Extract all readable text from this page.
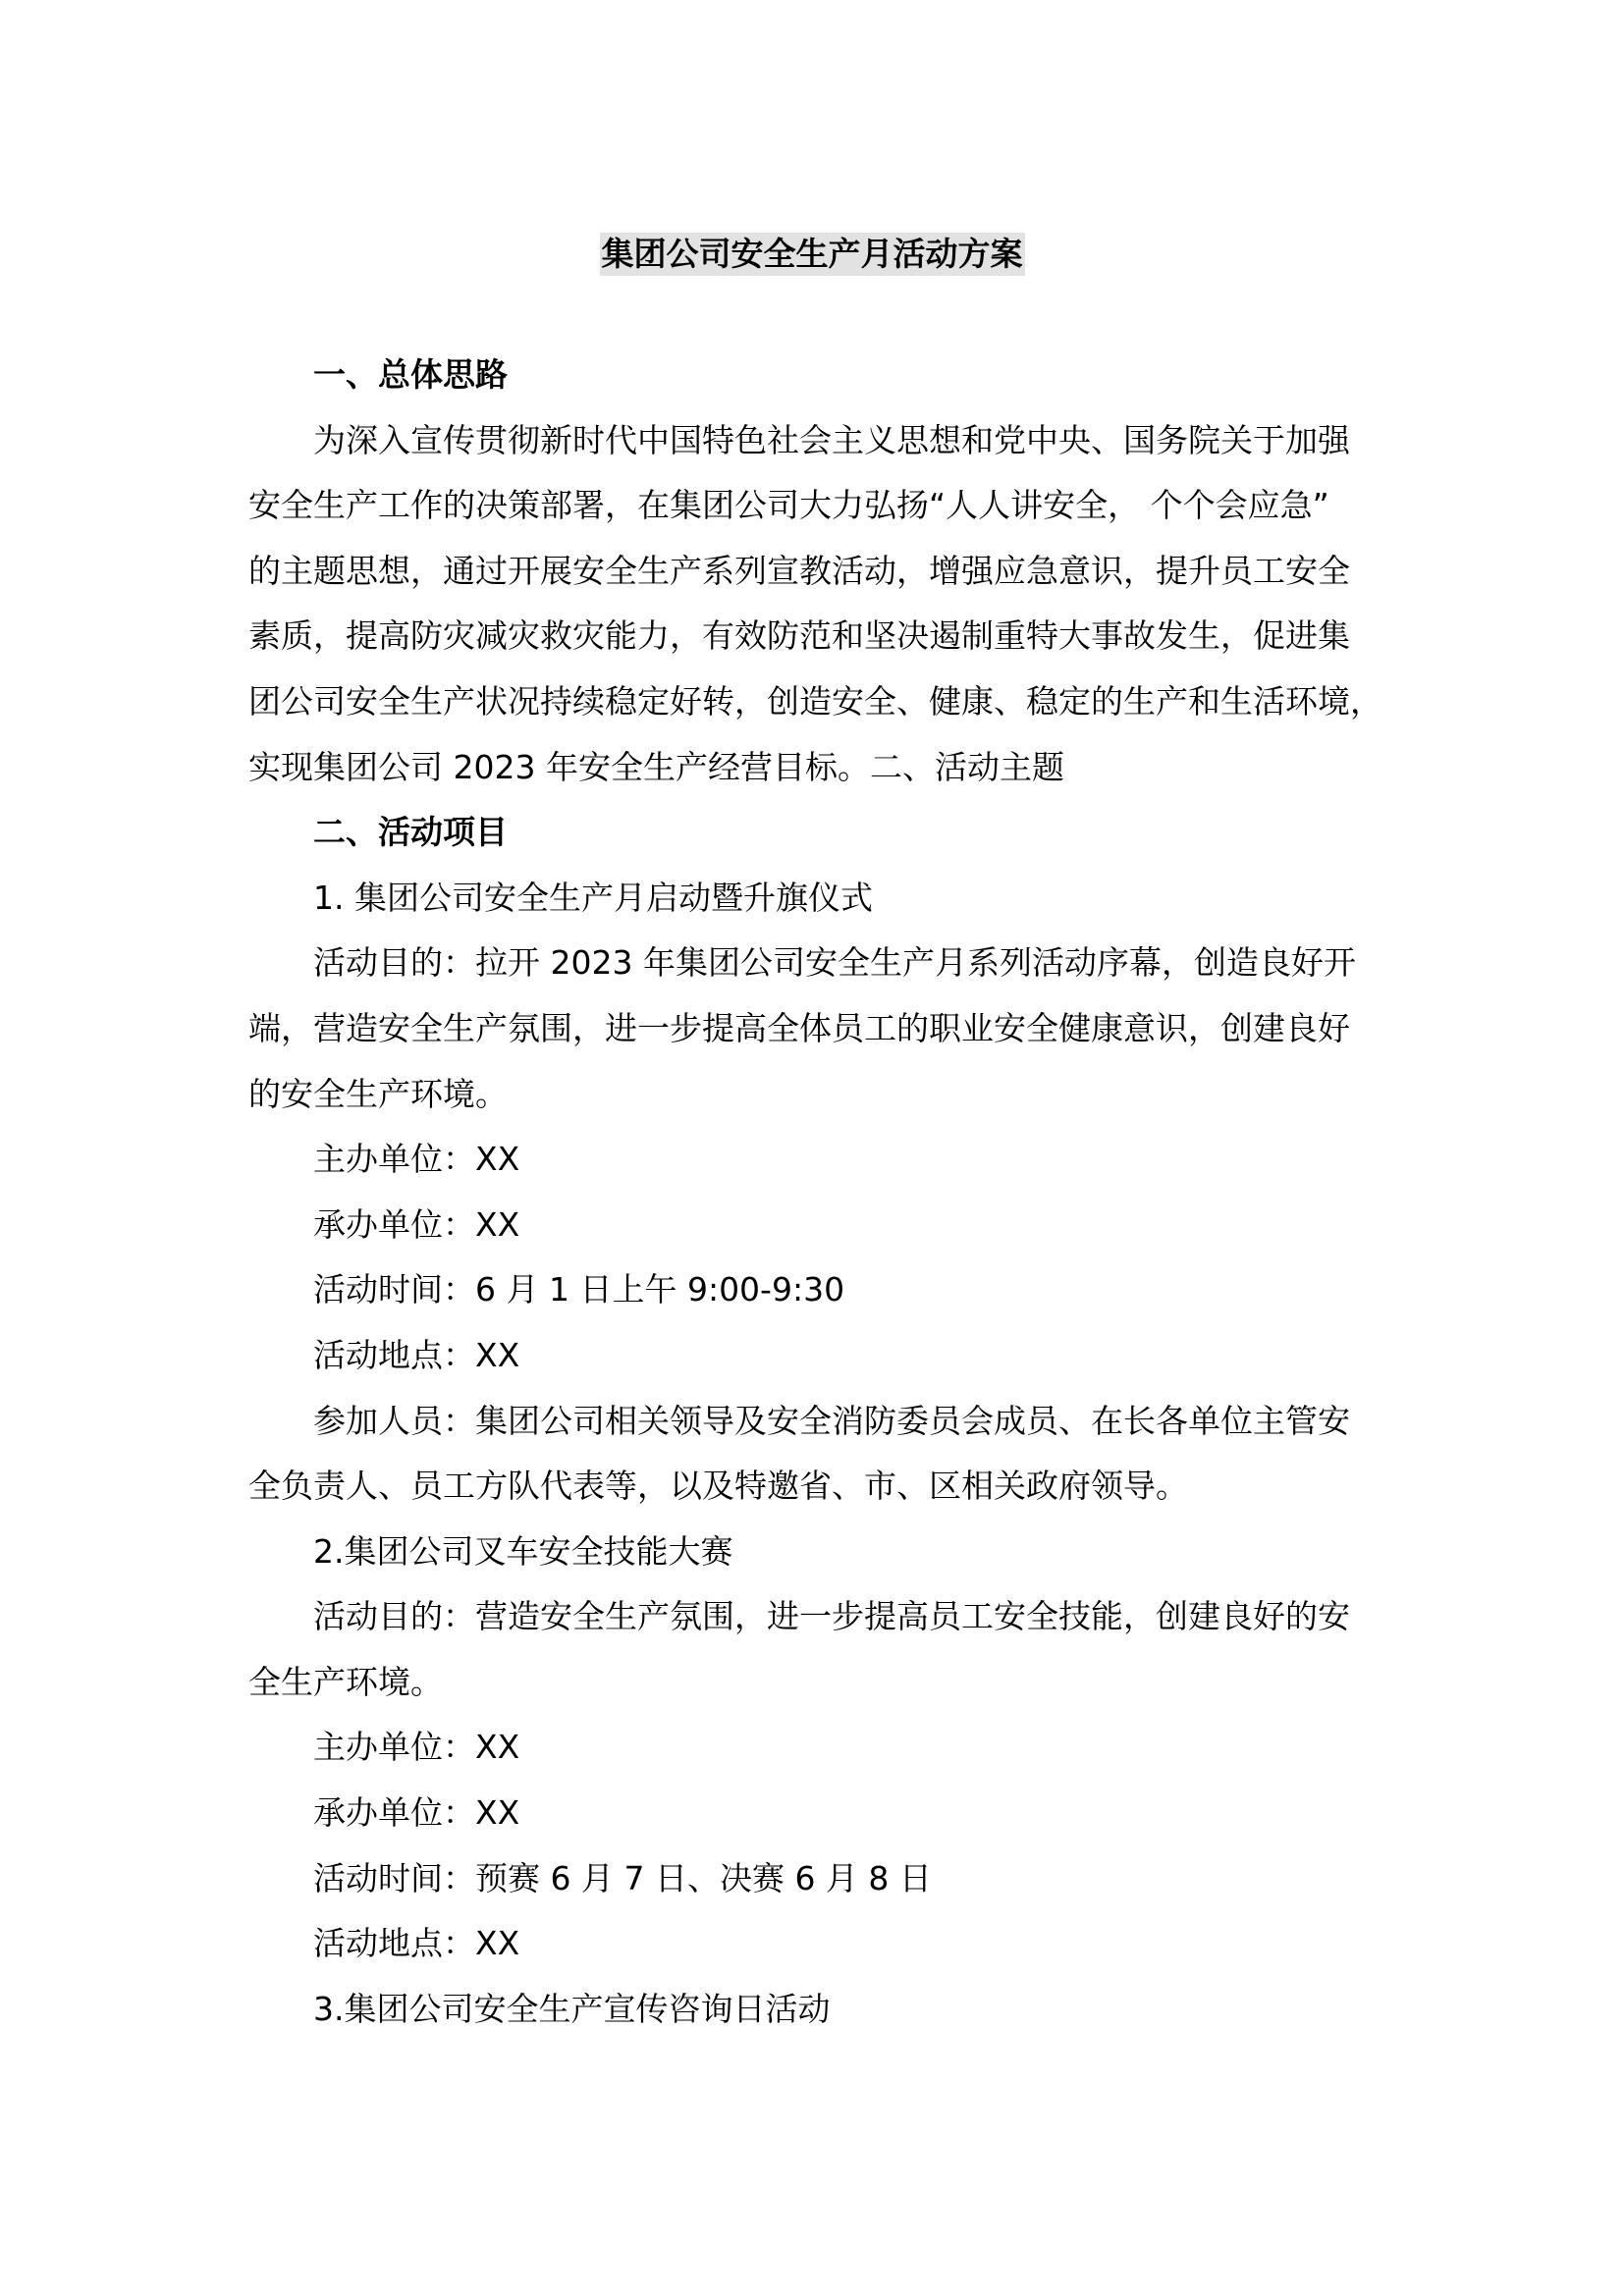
集团公司安全生产月活动方案
一、总体思路
为深入宣传贯彻新时代中国特色社会主义思想和党中央、国务院关于加强
安全生产工作的决策部署，在集团公司大力弘扬“人人讲安全， 个个会应急”
的主题思想，通过开展安全生产系列宣教活动，增强应急意识，提升员工安全
素质，提高防灾减灾救灾能力，有效防范和坚决遏制重特大事故发生，促进集
团公司安全生产状况持续稳定好转，创造安全、健康、稳定的生产和生活环境，
实现集团公司 2023 年安全生产经营目标。二、活动主题
二、活动项目
1. 集团公司安全生产月启动暨升旗仪式
活动目的：拉开 2023 年集团公司安全生产月系列活动序幕，创造良好开
端，营造安全生产氛围，进一步提高全体员工的职业安全健康意识，创建良好
的安全生产环境。
主办单位：XX
承办单位：XX
活动时间：6 月 1 日上午 9:00-9:30
活动地点：XX
参加人员：集团公司相关领导及安全消防委员会成员、在长各单位主管安
全负责人、员工方队代表等，以及特邀省、市、区相关政府领导。
2.集团公司叉车安全技能大赛
活动目的：营造安全生产氛围，进一步提高员工安全技能，创建良好的安
全生产环境。
主办单位：XX
承办单位：XX
活动时间：预赛 6 月 7 日、决赛 6 月 8 日
活动地点：XX
3.集团公司安全生产宣传咨询日活动
